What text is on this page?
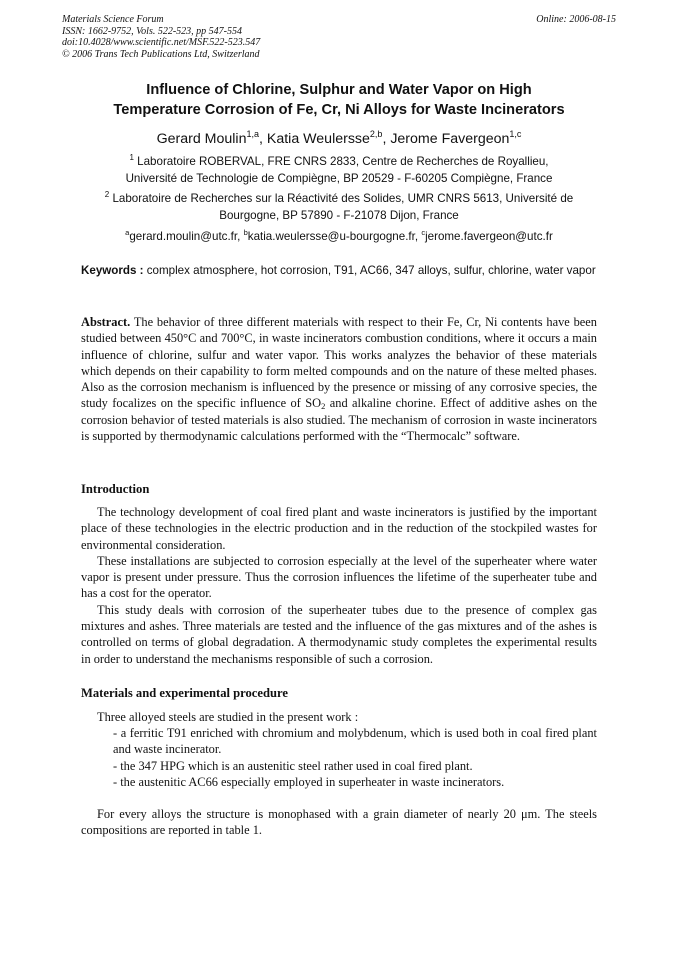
Materials Science Forum
ISSN: 1662-9752, Vols. 522-523, pp 547-554
doi:10.4028/www.scientific.net/MSF.522-523.547
© 2006 Trans Tech Publications Ltd, Switzerland
Online: 2006-08-15
Influence of Chlorine, Sulphur and Water Vapor on High
Temperature Corrosion of Fe, Cr, Ni Alloys for Waste Incinerators
Gerard Moulin$^{1,a}$, Katia Weulersse$^{2,b}$, Jerome Favergeon$^{1,c}$
$^1$ Laboratoire ROBERVAL, FRE CNRS 2833, Centre de Recherches de Royallieu,
Université de Technologie de Compiègne, BP 20529 - F-60205 Compiègne, France
$^2$ Laboratoire de Recherches sur la Réactivité des Solides, UMR CNRS 5613, Université de
Bourgogne, BP 57890 - F-21078 Dijon, France
$^a$gerard.moulin@utc.fr, $^b$katia.weulersse@u-bourgogne.fr, $^c$jerome.favergeon@utc.fr
Keywords : complex atmosphere, hot corrosion, T91, AC66, 347 alloys, sulfur, chlorine, water vapor
Abstract. The behavior of three different materials with respect to their Fe, Cr, Ni contents have been studied between 450°C and 700°C, in waste incinerators combustion conditions, where it occurs a main influence of chlorine, sulfur and water vapor. This works analyzes the behavior of these materials which depends on their capability to form melted compounds and on the nature of these melted phases. Also as the corrosion mechanism is influenced by the presence or missing of any corrosive species, the study focalizes on the specific influence of $SO_2$ and alkaline chorine. Effect of additive ashes on the corrosion behavior of tested materials is also studied. The mechanism of corrosion in waste incinerators is supported by thermodynamic calculations performed with the “Thermocalc” software.
Introduction

The technology development of coal fired plant and waste incinerators is justified by the important place of these technologies in the electric production and in the reduction of the stockpiled wastes for environmental consideration.

These installations are subjected to corrosion especially at the level of the superheater where water vapor is present under pressure. Thus the corrosion influences the lifetime of the superheater tube and has a cost for the operator.

This study deals with corrosion of the superheater tubes due to the presence of complex gas mixtures and ashes. Three materials are tested and the influence of the gas mixtures and of the ashes is controlled on terms of global degradation. A thermodynamic study completes the experimental results in order to understand the mechanisms responsible of such a corrosion.

Materials and experimental procedure
Three alloyed steels are studied in the present work :
- a ferritic T91 enriched with chromium and molybdenum, which is used both in coal fired plant and waste incinerator.
- the 347 HPG which is an austenitic steel rather used in coal fired plant.
- the austenitic AC66 especially employed in superheater in waste incinerators.

For every alloys the structure is monophased with a grain diameter of nearly 20 μm. The steels compositions are reported in table 1.
